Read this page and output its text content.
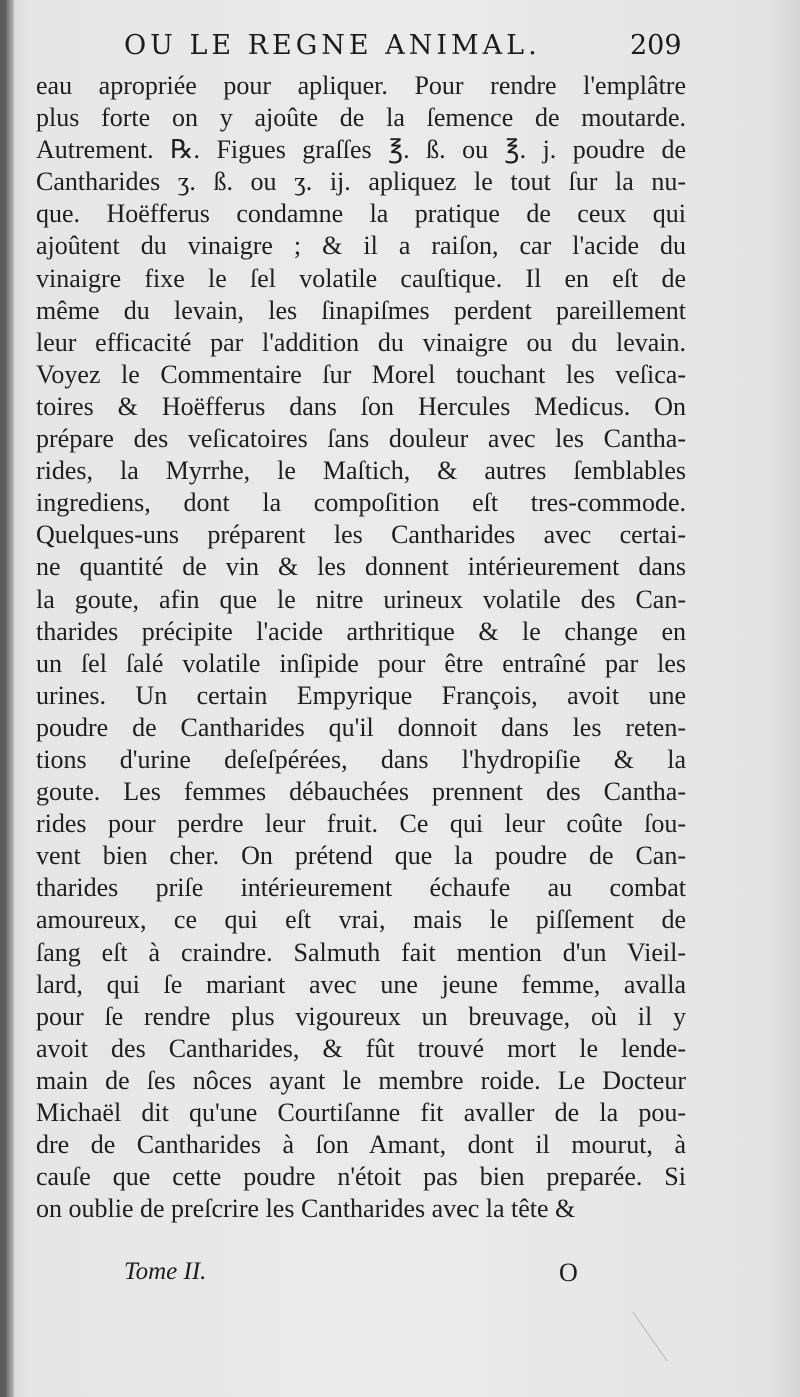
OU LE REGNE ANIMAL.	209
eau apropriée pour apliquer. Pour rendre l'emplâtre
plus forte on y ajoûte de la ſemence de moutarde.
Autrement. ℞. Figues graſſes ℥. ß. ou ℥. j. poudre de
Cantharides ʒ. ß. ou ʒ. ij. apliquez le tout ſur la nu-
que. Hoëfferus condamne la pratique de ceux qui
ajoûtent du vinaigre ; & il a raiſon, car l'acide du
vinaigre fixe le ſel volatile cauſtique. Il en eſt de
même du levain, les ſinapiſmes perdent pareillement
leur efficacité par l'addition du vinaigre ou du levain.
Voyez le Commentaire ſur Morel touchant les veſica-
toires & Hoëfferus dans ſon Hercules Medicus. On
prépare des veſicatoires ſans douleur avec les Cantha-
rides, la Myrrhe, le Maſtich, & autres ſemblables
ingrediens, dont la compoſition eſt tres-commode.
Quelques-uns préparent les Cantharides avec certai-
ne quantité de vin & les donnent intérieurement dans
la goute, afin que le nitre urineux volatile des Can-
tharides précipite l'acide arthritique & le change en
un ſel ſalé volatile inſipide pour être entraîné par les
urines. Un certain Empyrique François, avoit une
poudre de Cantharides qu'il donnoit dans les reten-
tions d'urine deſeſpérées, dans l'hydropiſie & la
goute. Les femmes débauchées prennent des Cantha-
rides pour perdre leur fruit. Ce qui leur coûte ſou-
vent bien cher. On prétend que la poudre de Can-
tharides priſe intérieurement échaufe au combat
amoureux, ce qui eſt vrai, mais le piſſement de
ſang eſt à craindre. Salmuth fait mention d'un Vieil-
lard, qui ſe mariant avec une jeune femme, avalla
pour ſe rendre plus vigoureux un breuvage, où il y
avoit des Cantharides, & fût trouvé mort le lende-
main de ſes nôces ayant le membre roide. Le Docteur
Michaël dit qu'une Courtiſanne fit avaller de la pou-
dre de Cantharides à ſon Amant, dont il mourut, à
cauſe que cette poudre n'étoit pas bien preparée. Si
on oublie de preſcrire les Cantharides avec la tête &
Tome II.	O
